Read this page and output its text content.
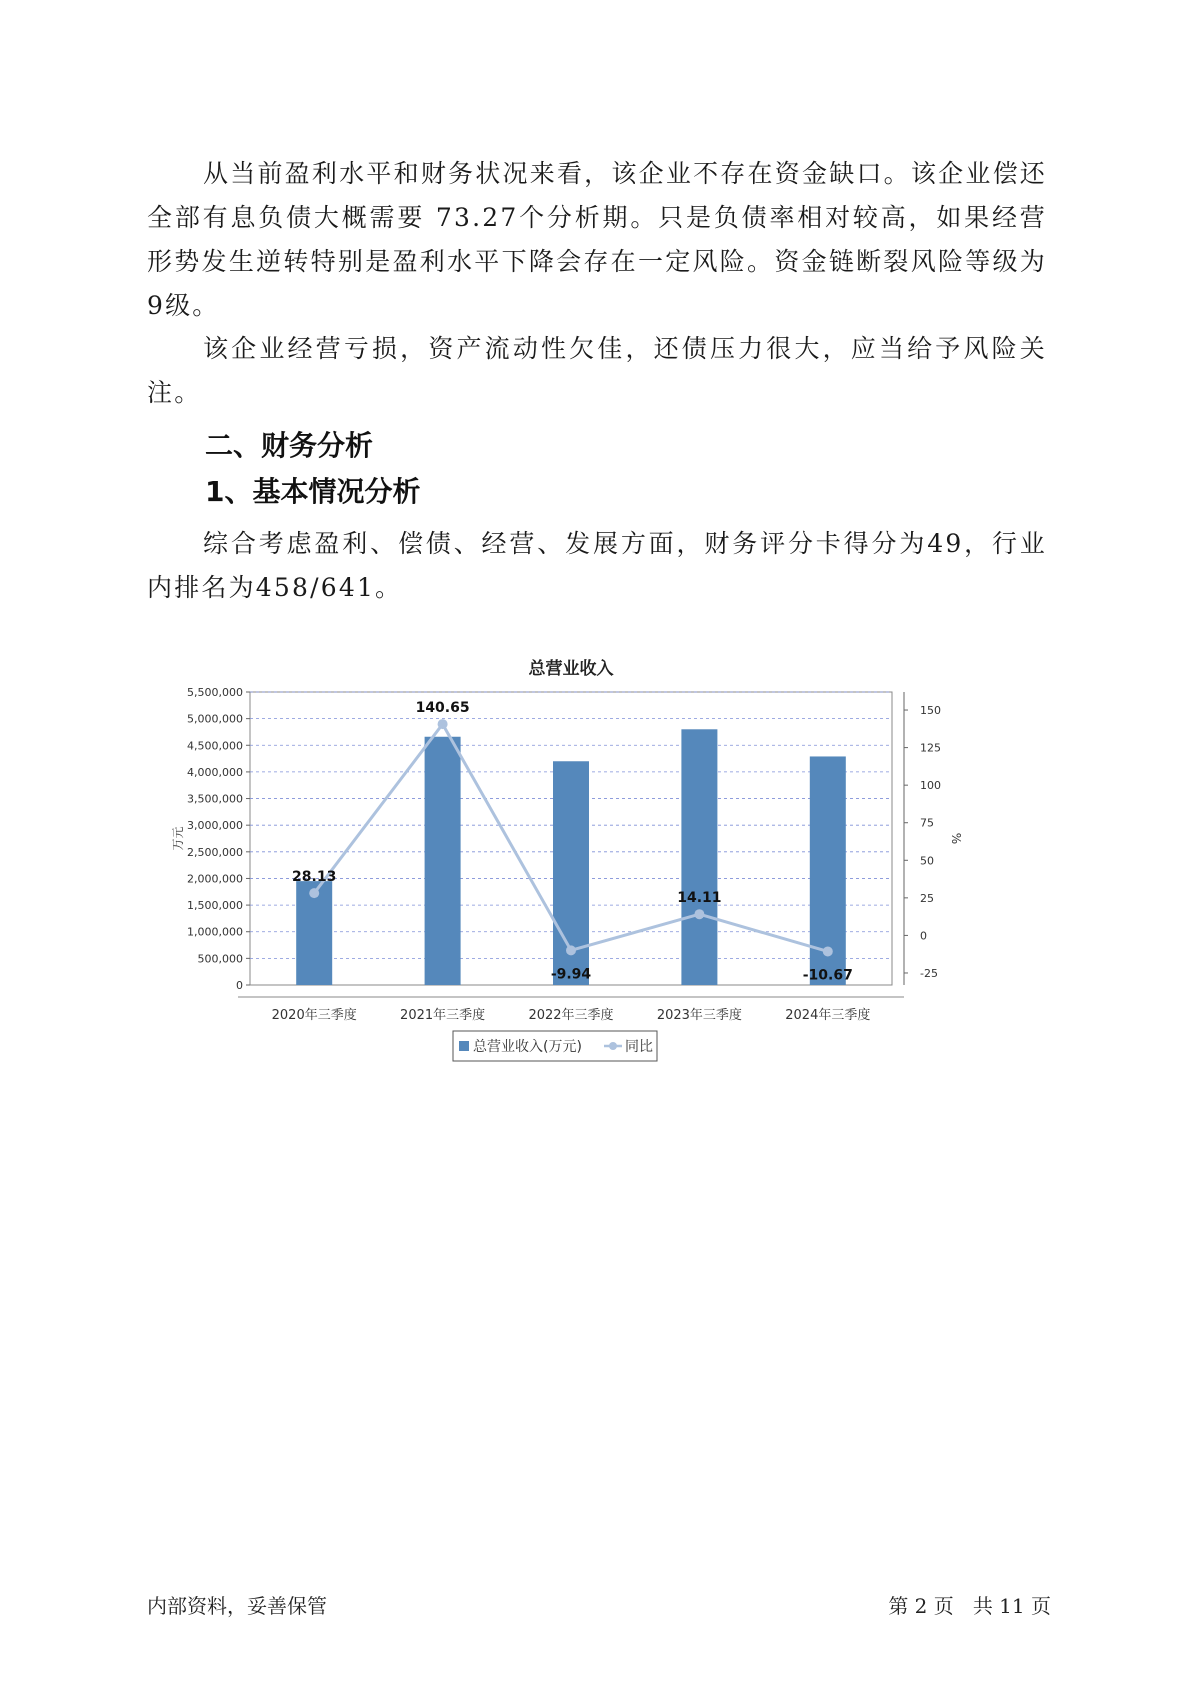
从当前盈利水平和财务状况来看，该企业不存在资金缺口。该企业偿还全部有息负债大概需要 73.27个分析期。只是负债率相对较高，如果经营形势发生逆转特别是盈利水平下降会存在一定风险。资金链断裂风险等级为9级。

该企业经营亏损，资产流动性欠佳，还债压力很大，应当给予风险关注。

二、财务分析
1、基本情况分析

综合考虑盈利、偿债、经营、发展方面，财务评分卡得分为49，行业内排名为458/641。

总营业收入
0
500,000
1,000,000
1,500,000
2,000,000
2,500,000
3,000,000
3,500,000
4,000,000
4,500,000
5,000,000
5,500,000
-25
0
25
50
75
100
125
150
万元	%
2020年三季度	2021年三季度	2022年三季度	2023年三季度	2024年三季度
28.13
140.65
-9.94
14.11
-10.67
总营业收入(万元)	同比
内部资料，妥善保管	第 2 页   共 11 页
